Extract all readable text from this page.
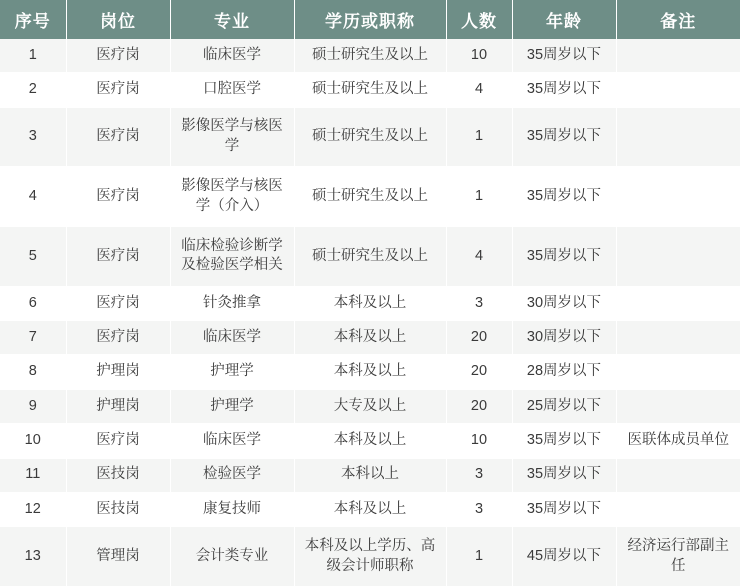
序号	岗位	专业	学历或职称	人数	年龄	备注

1	医疗岗	临床医学	硕士研究生及以上	10	35周岁以下	

2	医疗岗	口腔医学	硕士研究生及以上	4	35周岁以下	

3	医疗岗	影像医学与核医学	硕士研究生及以上	1	35周岁以下	

4	医疗岗	影像医学与核医学（介入）	硕士研究生及以上	1	35周岁以下	

5	医疗岗	临床检验诊断学及检验医学相关	硕士研究生及以上	4	35周岁以下	

6	医疗岗	针灸推拿	本科及以上	3	30周岁以下	

7	医疗岗	临床医学	本科及以上	20	30周岁以下	

8	护理岗	护理学	本科及以上	20	28周岁以下	

9	护理岗	护理学	大专及以上	20	25周岁以下	

10	医疗岗	临床医学	本科及以上	10	35周岁以下	医联体成员单位

11	医技岗	检验医学	本科以上	3	35周岁以下	

12	医技岗	康复技师	本科及以上	3	35周岁以下	

13	管理岗	会计类专业	本科及以上学历、高级会计师职称	1	45周岁以下	经济运行部副主任
